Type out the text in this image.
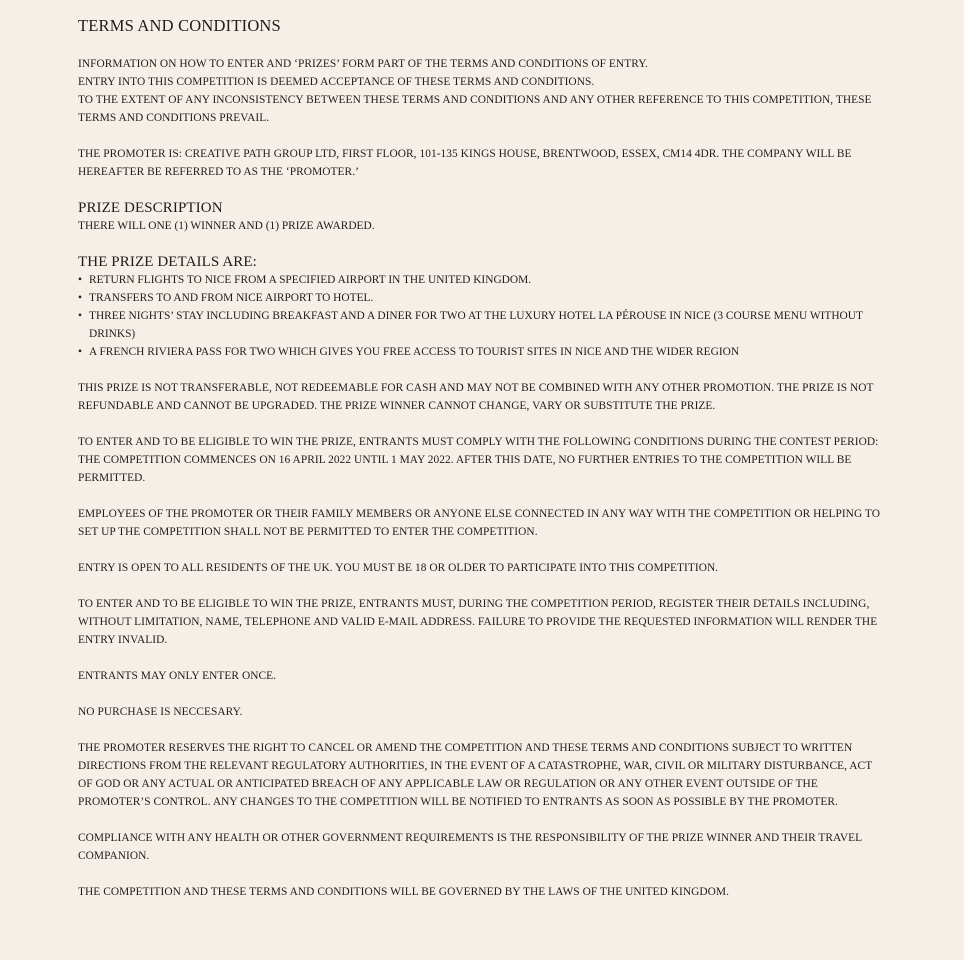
TERMS AND CONDITIONS

INFORMATION ON HOW TO ENTER AND ‘PRIZES’ FORM PART OF THE TERMS AND CONDITIONS OF ENTRY.

ENTRY INTO THIS COMPETITION IS DEEMED ACCEPTANCE OF THESE TERMS AND CONDITIONS.

TO THE EXTENT OF ANY INCONSISTENCY BETWEEN THESE TERMS AND CONDITIONS AND ANY OTHER REFERENCE TO THIS COMPETITION, THESE TERMS AND CONDITIONS PREVAIL.

THE PROMOTER IS: CREATIVE PATH GROUP LTD, FIRST FLOOR, 101-135 KINGS HOUSE, BRENTWOOD, ESSEX, CM14 4DR. THE COMPANY WILL BE HEREAFTER BE REFERRED TO AS THE ‘PROMOTER.’

PRIZE DESCRIPTION

THERE WILL ONE (1) WINNER AND (1) PRIZE AWARDED.

THE PRIZE DETAILS ARE:
• RETURN FLIGHTS TO NICE FROM A SPECIFIED AIRPORT IN THE UNITED KINGDOM.
• TRANSFERS TO AND FROM NICE AIRPORT TO HOTEL.
• THREE NIGHTS’ STAY INCLUDING BREAKFAST AND A DINER FOR TWO AT THE LUXURY HOTEL LA PÉROUSE IN NICE (3 COURSE MENU WITHOUT DRINKS)
• A FRENCH RIVIERA PASS FOR TWO WHICH GIVES YOU FREE ACCESS TO TOURIST SITES IN NICE AND THE WIDER REGION

THIS PRIZE IS NOT TRANSFERABLE, NOT REDEEMABLE FOR CASH AND MAY NOT BE COMBINED WITH ANY OTHER PROMOTION. THE PRIZE IS NOT REFUNDABLE AND CANNOT BE UPGRADED. THE PRIZE WINNER CANNOT CHANGE, VARY OR SUBSTITUTE THE PRIZE.

TO ENTER AND TO BE ELIGIBLE TO WIN THE PRIZE, ENTRANTS MUST COMPLY WITH THE FOLLOWING CONDITIONS DURING THE CONTEST PERIOD: THE COMPETITION COMMENCES ON 16 APRIL 2022 UNTIL 1 MAY 2022. AFTER THIS DATE, NO FURTHER ENTRIES TO THE COMPETITION WILL BE PERMITTED.

EMPLOYEES OF THE PROMOTER OR THEIR FAMILY MEMBERS OR ANYONE ELSE CONNECTED IN ANY WAY WITH THE COMPETITION OR HELPING TO SET UP THE COMPETITION SHALL NOT BE PERMITTED TO ENTER THE COMPETITION.

ENTRY IS OPEN TO ALL RESIDENTS OF THE UK. YOU MUST BE 18 OR OLDER TO PARTICIPATE INTO THIS COMPETITION.

TO ENTER AND TO BE ELIGIBLE TO WIN THE PRIZE, ENTRANTS MUST, DURING THE COMPETITION PERIOD, REGISTER THEIR DETAILS INCLUDING, WITHOUT LIMITATION, NAME, TELEPHONE AND VALID E-MAIL ADDRESS. FAILURE TO PROVIDE THE REQUESTED INFORMATION WILL RENDER THE ENTRY INVALID.

ENTRANTS MAY ONLY ENTER ONCE.

NO PURCHASE IS NECCESARY.

THE PROMOTER RESERVES THE RIGHT TO CANCEL OR AMEND THE COMPETITION AND THESE TERMS AND CONDITIONS SUBJECT TO WRITTEN DIRECTIONS FROM THE RELEVANT REGULATORY AUTHORITIES, IN THE EVENT OF A CATASTROPHE, WAR, CIVIL OR MILITARY DISTURBANCE, ACT OF GOD OR ANY ACTUAL OR ANTICIPATED BREACH OF ANY APPLICABLE LAW OR REGULATION OR ANY OTHER EVENT OUTSIDE OF THE PROMOTER’S CONTROL. ANY CHANGES TO THE COMPETITION WILL BE NOTIFIED TO ENTRANTS AS SOON AS POSSIBLE BY THE PROMOTER.

COMPLIANCE WITH ANY HEALTH OR OTHER GOVERNMENT REQUIREMENTS IS THE RESPONSIBILITY OF THE PRIZE WINNER AND THEIR TRAVEL COMPANION.

THE COMPETITION AND THESE TERMS AND CONDITIONS WILL BE GOVERNED BY THE LAWS OF THE UNITED KINGDOM.
